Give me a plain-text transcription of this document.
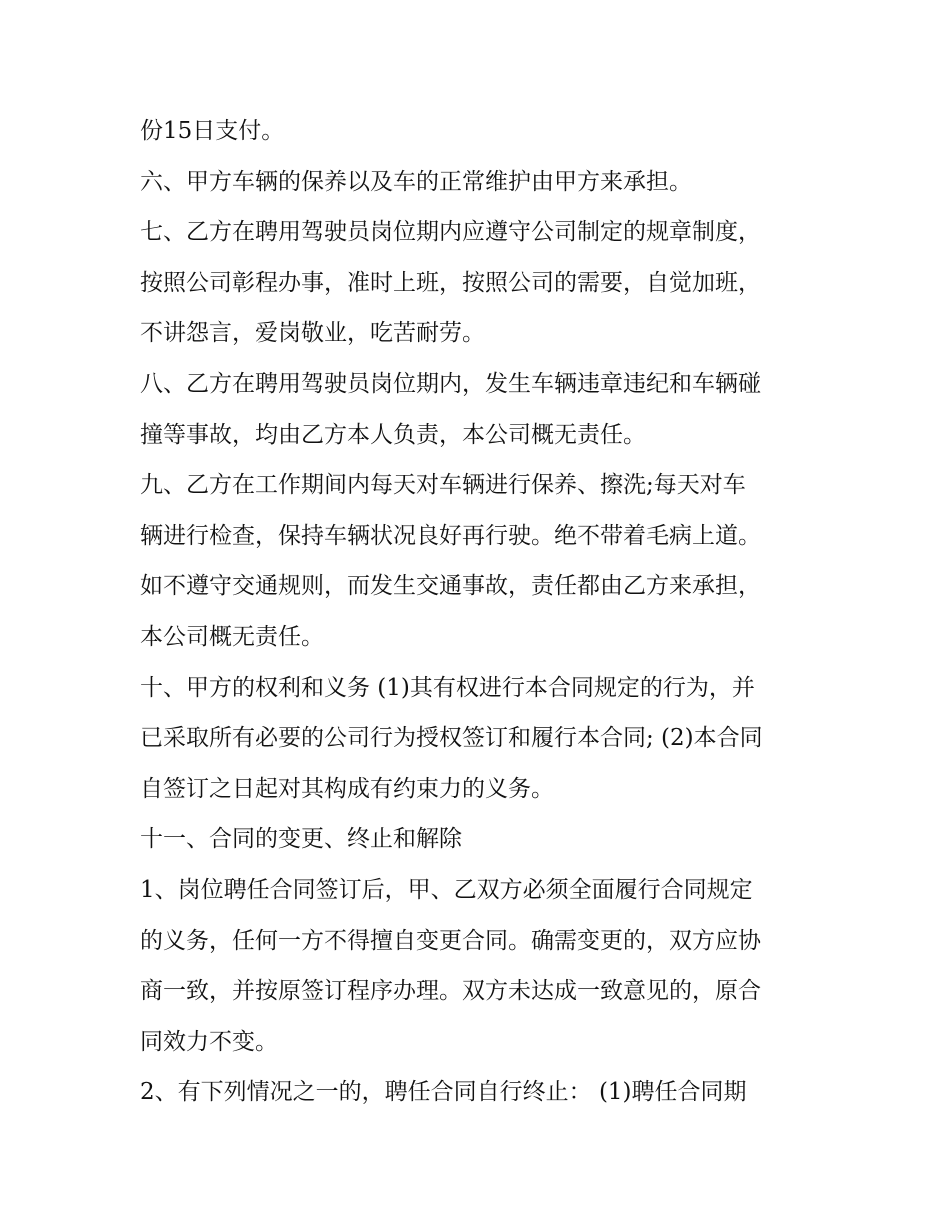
份15日支付。
六、甲方车辆的保养以及车的正常维护由甲方来承担。
七、乙方在聘用驾驶员岗位期内应遵守公司制定的规章制度，
按照公司彰程办事，准时上班，按照公司的需要，自觉加班，
不讲怨言，爱岗敬业，吃苦耐劳。
八、乙方在聘用驾驶员岗位期内，发生车辆违章违纪和车辆碰
撞等事故，均由乙方本人负责，本公司概无责任。
九、乙方在工作期间内每天对车辆进行保养、擦洗;每天对车
辆进行检查，保持车辆状况良好再行驶。绝不带着毛病上道。
如不遵守交通规则，而发生交通事故，责任都由乙方来承担，
本公司概无责任。
十、甲方的权利和义务 (1)其有权进行本合同规定的行为，并
已采取所有必要的公司行为授权签订和履行本合同; (2)本合同
自签订之日起对其构成有约束力的义务。
十一、合同的变更、终止和解除
1、岗位聘任合同签订后，甲、乙双方必须全面履行合同规定
的义务，任何一方不得擅自变更合同。确需变更的，双方应协
商一致，并按原签订程序办理。双方未达成一致意见的，原合
同效力不变。
2、有下列情况之一的，聘任合同自行终止： (1)聘任合同期
